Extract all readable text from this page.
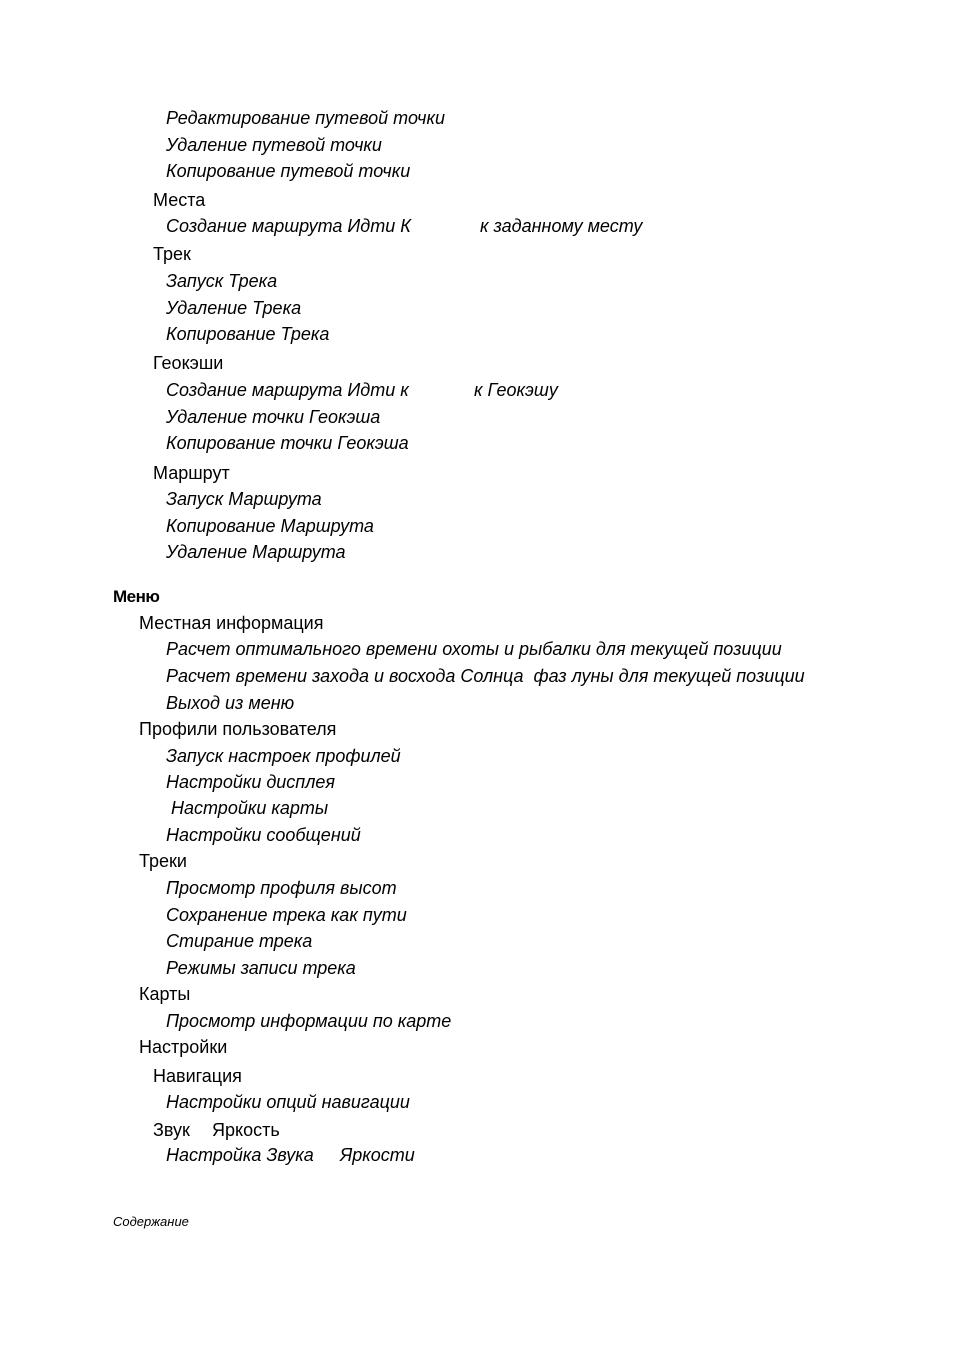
Редактирование путевой точки
Удаление путевой точки
Копирование путевой точки
Места
Создание маршрута Идти К	к заданному месту
Трек
Запуск Трека
Удаление Трека
Копирование Трека
Геокэши
Создание маршрута Идти к	к Геокэшу
Удаление точки Геокэша
Копирование точки Геокэша
Маршрут
Запуск Маршрута
Копирование Маршрута
Удаление Маршрута
Меню
Местная информация
Расчет оптимального времени охоты и рыбалки для текущей позиции
Расчет времени захода и восхода Солнца  фаз луны для текущей позиции
Выход из меню
Профили пользователя
Запуск настроек профилей
Настройки дисплея
Настройки карты
Настройки сообщений
Треки
Просмотр профиля высот
Сохранение трека как пути
Стирание трека
Режимы записи трека
Карты
Просмотр информации по карте
Настройки
Навигация
Настройки опций навигации
Звук Яркость
Настройка Звука Яркости
Содержание
